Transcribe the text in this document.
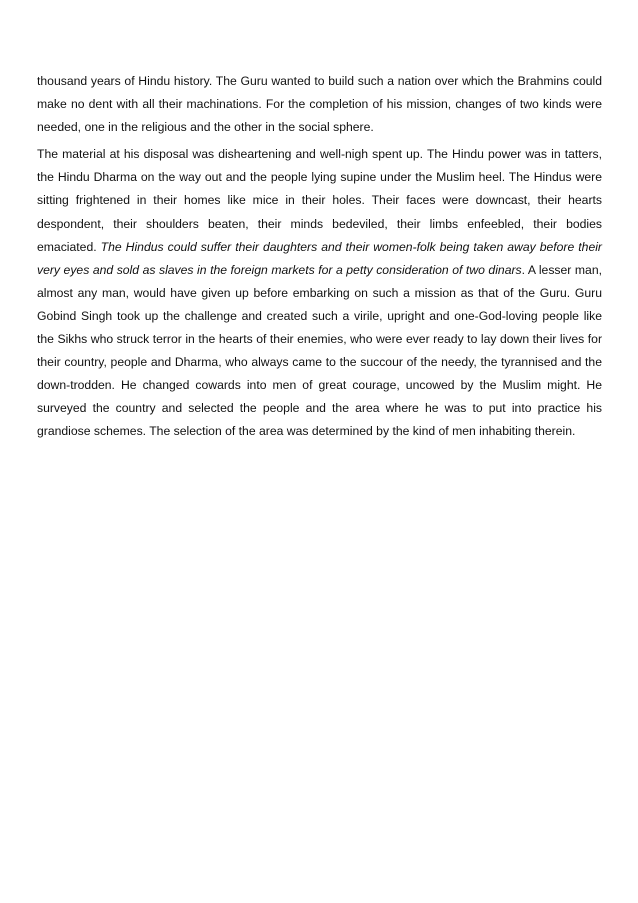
thousand years of Hindu history. The Guru wanted to build such a nation over which the Brahmins could make no dent with all their machinations. For the completion of his mission, changes of two kinds were needed, one in the religious and the other in the social sphere.

The material at his disposal was disheartening and well-nigh spent up. The Hindu power was in tatters, the Hindu Dharma on the way out and the people lying supine under the Muslim heel. The Hindus were sitting frightened in their homes like mice in their holes. Their faces were downcast, their hearts despondent, their shoulders beaten, their minds bedeviled, their limbs enfeebled, their bodies emaciated. The Hindus could suffer their daughters and their women-folk being taken away before their very eyes and sold as slaves in the foreign markets for a petty consideration of two dinars. A lesser man, almost any man, would have given up before embarking on such a mission as that of the Guru. Guru Gobind Singh took up the challenge and created such a virile, upright and one-God-loving people like the Sikhs who struck terror in the hearts of their enemies, who were ever ready to lay down their lives for their country, people and Dharma, who always came to the succour of the needy, the tyrannised and the down-trodden. He changed cowards into men of great courage, uncowed by the Muslim might. He surveyed the country and selected the people and the area where he was to put into practice his grandiose schemes. The selection of the area was determined by the kind of men inhabiting therein.
